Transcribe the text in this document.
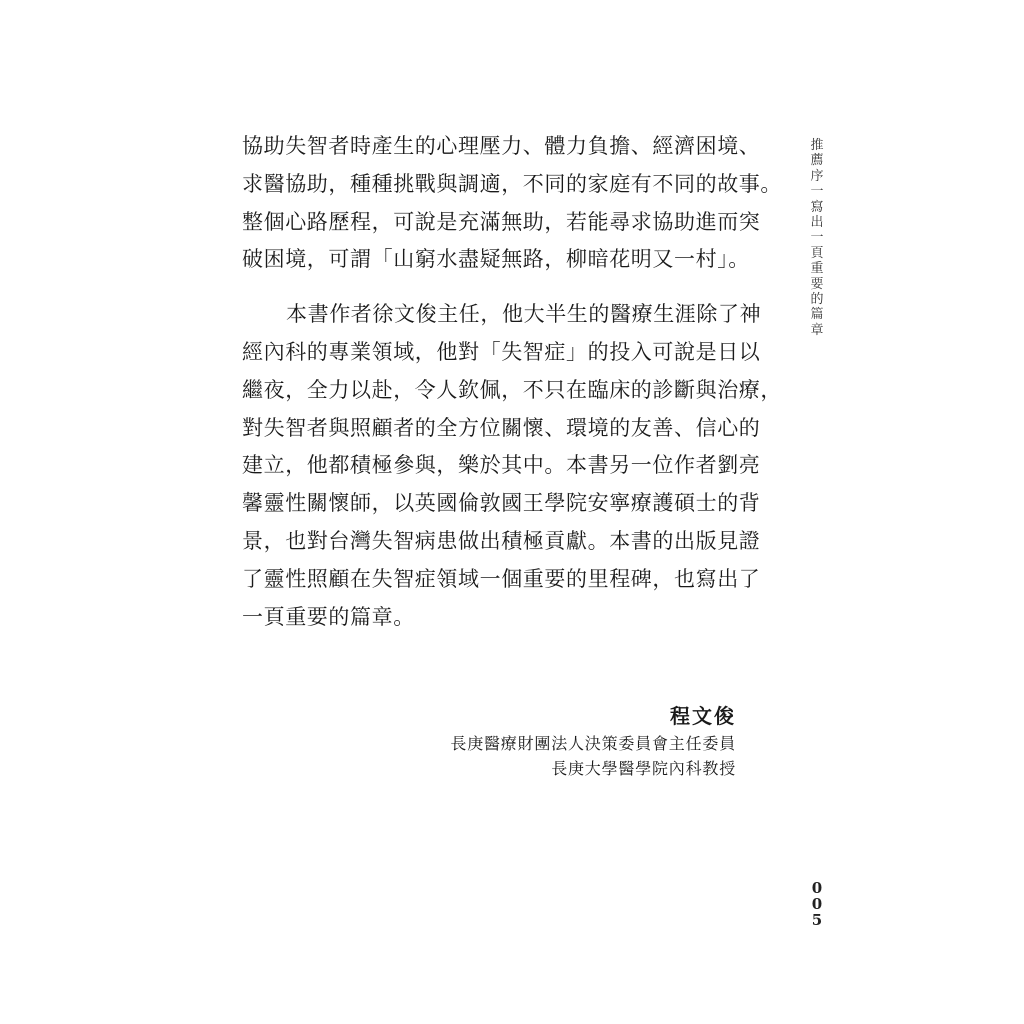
協助失智者時產生的心理壓力、體力負擔、經濟困境、
求醫協助，種種挑戰與調適，不同的家庭有不同的故事。
整個心路歷程，可說是充滿無助，若能尋求協助進而突
破困境，可謂「山窮水盡疑無路，柳暗花明又一村」。
本書作者徐文俊主任，他大半生的醫療生涯除了神
經內科的專業領域，他對「失智症」的投入可說是日以
繼夜，全力以赴，令人欽佩，不只在臨床的診斷與治療，
對失智者與照顧者的全方位關懷、環境的友善、信心的
建立，他都積極參與，樂於其中。本書另一位作者劉亮
馨靈性關懷師，以英國倫敦國王學院安寧療護碩士的背
景，也對台灣失智病患做出積極貢獻。本書的出版見證
了靈性照顧在失智症領域一個重要的里程碑，也寫出了
一頁重要的篇章。
程文俊
長庚醫療財團法人決策委員會主任委員
長庚大學醫學院內科教授
推薦序一　寫出一頁重要的篇章
005
